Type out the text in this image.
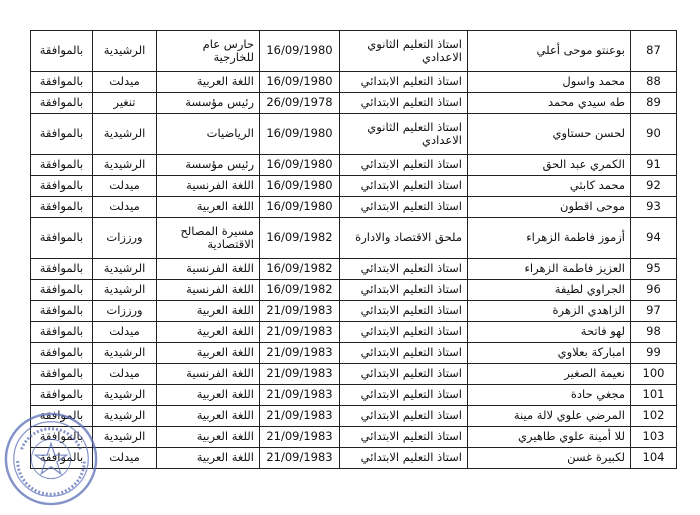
87	بوعنتو موحى أعلي	استاذ التعليم الثانوي الاعدادي	16/09/1980	حارس عام للخارجية	الرشيدية	بالموافقة
88	محمد واسول	استاذ التعليم الابتدائي	16/09/1980	اللغة العربية	ميدلت	بالموافقة
89	طه سيدي محمد	استاذ التعليم الابتدائي	26/09/1978	رئيس مؤسسة	تنغير	بالموافقة
90	لحسن حستاوي	استاذ التعليم الثانوي الاعدادي	16/09/1980	الرياضيات	الرشيدية	بالموافقة
91	الكمري عبد الحق	استاذ التعليم الابتدائي	16/09/1980	رئيس مؤسسة	الرشيدية	بالموافقة
92	محمد كابثي	استاذ التعليم الابتدائي	16/09/1980	اللغة الفرنسية	ميدلت	بالموافقة
93	موحى اقطون	استاذ التعليم الابتدائي	16/09/1980	اللغة العربية	ميدلت	بالموافقة
94	أزموز فاطمة الزهراء	ملحق الاقتصاد والادارة	16/09/1982	مسيرة المصالح الاقتصادية	ورززات	بالموافقة
95	العزيز فاطمة الزهراء	استاذ التعليم الابتدائي	16/09/1982	اللغة الفرنسية	الرشيدية	بالموافقة
96	الجراوي لطيفة	استاذ التعليم الابتدائي	16/09/1982	اللغة الفرنسية	الرشيدية	بالموافقة
97	الزاهدي الزهرة	استاذ التعليم الابتدائي	21/09/1983	اللغة العربية	ورززات	بالموافقة
98	لهو فاتحة	استاذ التعليم الابتدائي	21/09/1983	اللغة العربية	ميدلت	بالموافقة
99	امباركة بعلاوي	استاذ التعليم الابتدائي	21/09/1983	اللغة العربية	الرشيدية	بالموافقة
100	نعيمة الصغير	استاذ التعليم الابتدائي	21/09/1983	اللغة الفرنسية	ميدلت	بالموافقة
101	مجغي حادة	استاذ التعليم الابتدائي	21/09/1983	اللغة العربية	الرشيدية	بالموافقة
102	المرضي علوي لالة مينة	استاذ التعليم الابتدائي	21/09/1983	اللغة العربية	الرشيدية	بالموافقة
103	للا أمينة علوي طاهيري	استاذ التعليم الابتدائي	21/09/1983	اللغة العربية	الرشيدية	بالموافقة
104	لكبيرة غسن	استاذ التعليم الابتدائي	21/09/1983	اللغة العربية	ميدلت	بالموافقة
